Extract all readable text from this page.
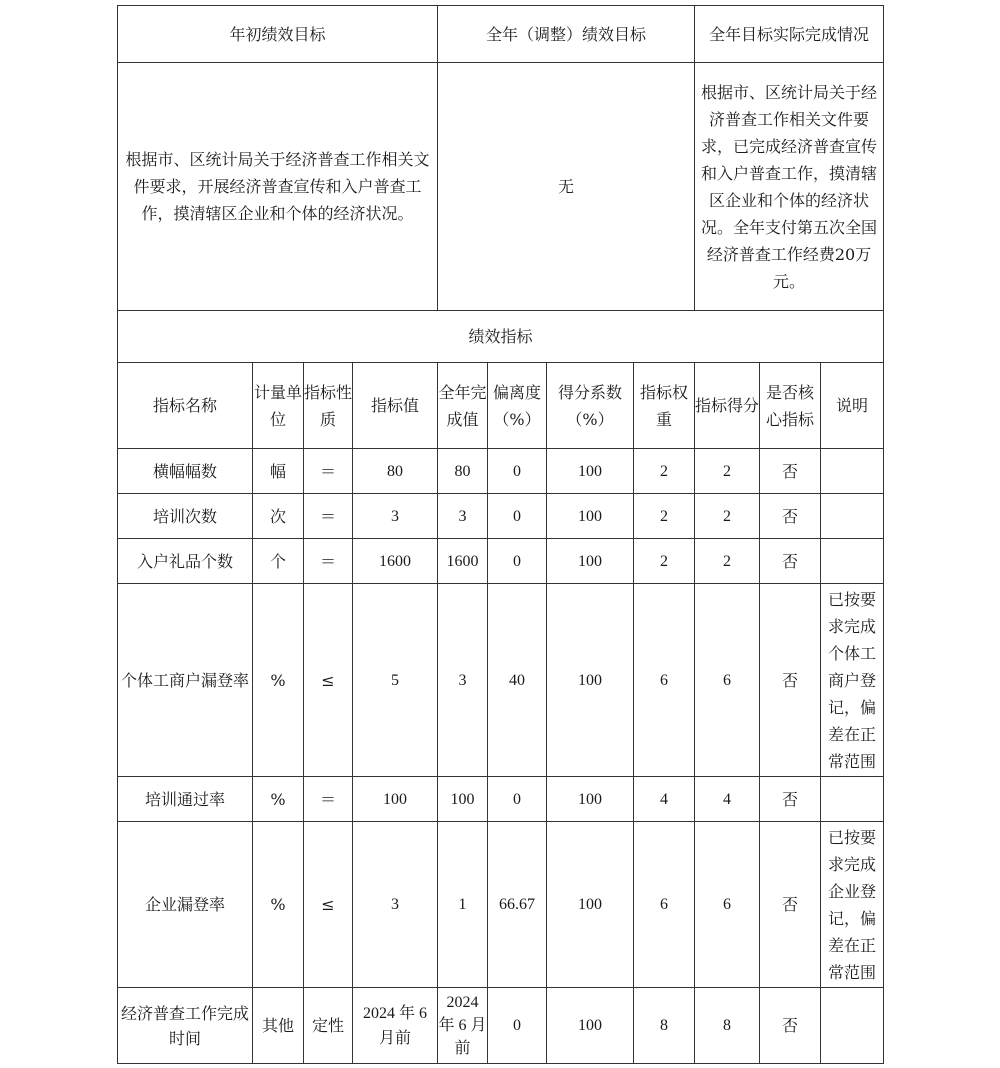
年初绩效目标				全年（调整）绩效目标				全年目标实际完成情况		
根据市、区统计局关于经济普查工作相关文件要求，开展经济普查宣传和入户普查工作，摸清辖区企业和个体的经济状况。				无				根据市、区统计局关于经济普查工作相关文件要求，已完成经济普查宣传和入户普查工作，摸清辖区企业和个体的经济状况。全年支付第五次全国经济普查工作经费20万元。		
绩效指标										
指标名称	计量单位	指标性质	指标值	全年完成值	偏离度（%）	得分系数（%）	指标权重	指标得分	是否核心指标	说明
横幅幅数	幅	＝	80	80	0	100	2	2	否	
培训次数	次	＝	3	3	0	100	2	2	否	
入户礼品个数	个	＝	1600	1600	0	100	2	2	否	
个体工商户漏登率	%	≤	5	3	40	100	6	6	否	已按要求完成个体工商户登记，偏差在正常范围
培训通过率	%	＝	100	100	0	100	4	4	否	
企业漏登率	%	≤	3	1	66.67	100	6	6	否	已按要求完成企业登记，偏差在正常范围
经济普查工作完成时间	其他	定性	2024 年 6 月前	2024 年 6 月前	0	100	8	8	否	
